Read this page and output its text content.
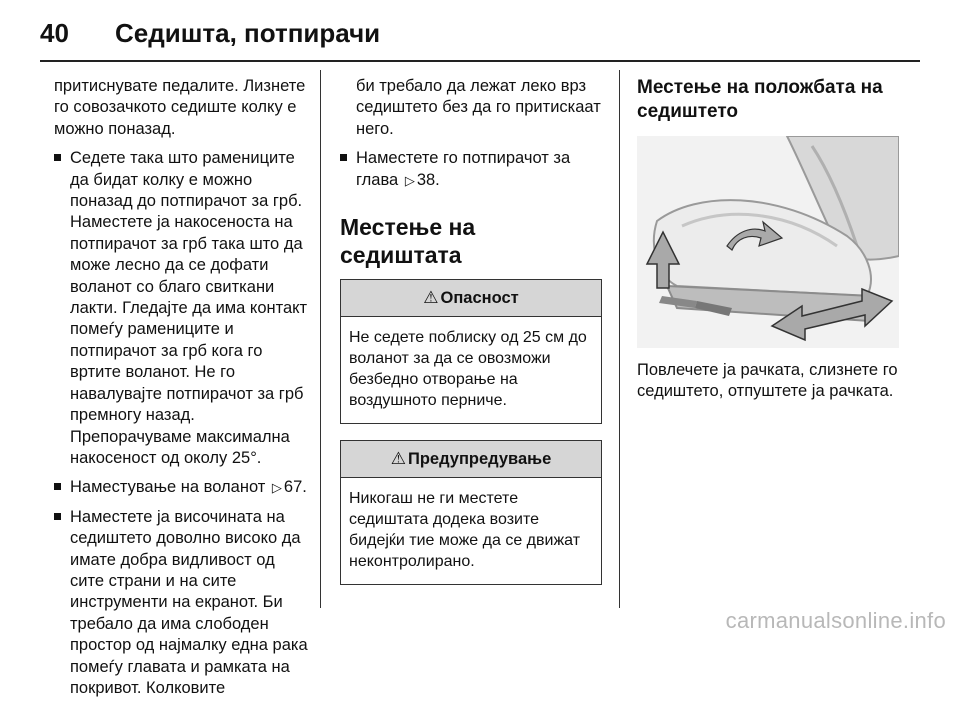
40 Седишта, потпирачи

притиснувате педалите. Лизнете го совозачкото седиште колку е можно поназад.

Седете така што рамениците да бидат колку е можно поназад до потпирачот за грб. Наместете ја накосеноста на потпирачот за грб така што да може лесно да се дофати воланот со благо свиткани лакти. Гледајте да има контакт помеѓу рамениците и потпирачот за грб кога го вртите воланот. Не го навалувајте потпирачот за грб премногу назад. Препорачуваме максимална накосеност од околу 25°.
Наместување на воланот ▷ 67.
Наместете ја височината на седиштето доволно високо да имате добра видливост од сите страни и на сите инструменти на екранот. Би требало да има слободен простор од најмалку една рака помеѓу главата и рамката на покривот. Колковите

би требало да лежат леко врз седиштето без да го притискаат него.

Наместете го потпирачот за глава ▷ 38.
Местење на седиштата
⚠ Опасност
Не седете поблиску од 25 см до воланот за да се овозможи безбедно отворање на воздушното перниче.
⚠ Предупредување
Никогаш не ги местете седиштата додека возите бидејќи тие може да се движат неконтролирано.
Местење на положбата на седиштето

Повлечете ја рачката, слизнете го седиштето, отпуштете ја рачката.

carmanualsonline.info
